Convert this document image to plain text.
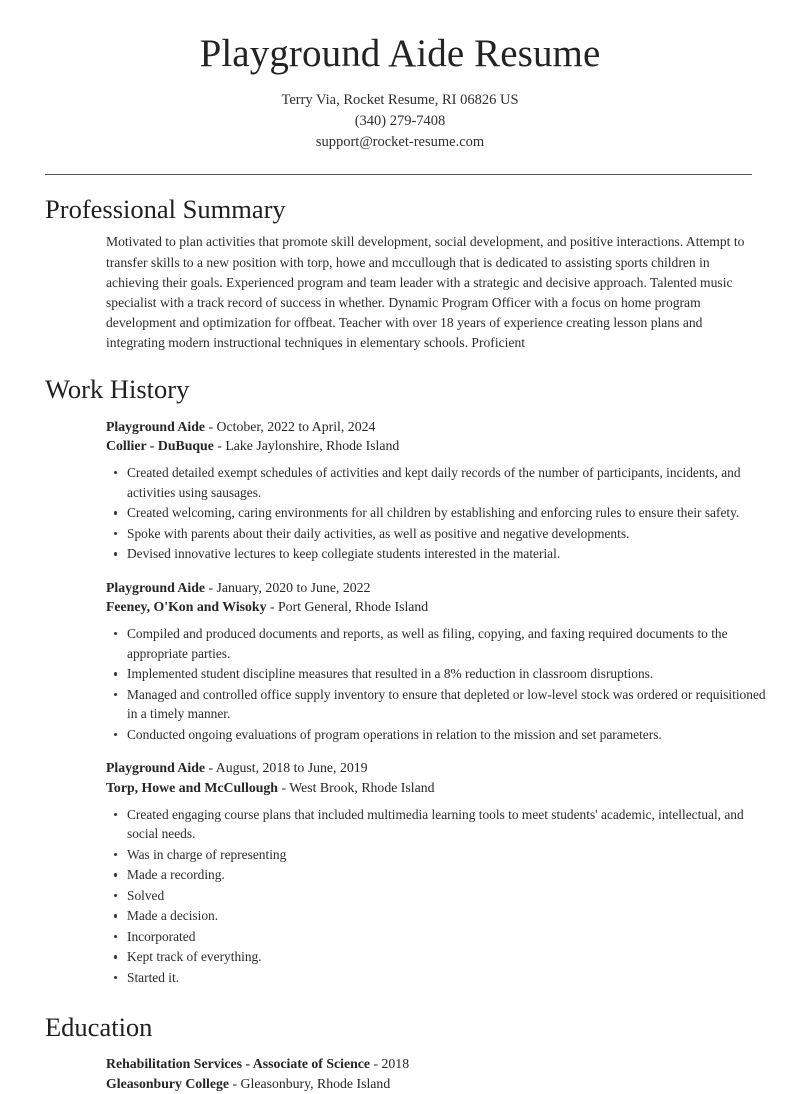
Playground Aide Resume

Terry Via, Rocket Resume, RI 06826 US

(340) 279-7408

support@rocket-resume.com

Professional Summary

Motivated to plan activities that promote skill development, social development, and positive interactions. Attempt to transfer skills to a new position with torp, howe and mccullough that is dedicated to assisting sports children in achieving their goals. Experienced program and team leader with a strategic and decisive approach. Talented music specialist with a track record of success in whether. Dynamic Program Officer with a focus on home program development and optimization for offbeat. Teacher with over 18 years of experience creating lesson plans and integrating modern instructional techniques in elementary schools. Proficient

Work History
Playground Aide - October, 2022 to April, 2024
Collier - DuBuque - Lake Jaylonshire, Rhode Island
Created detailed exempt schedules of activities and kept daily records of the number of participants, incidents, and activities using sausages.
Created welcoming, caring environments for all children by establishing and enforcing rules to ensure their safety.
Spoke with parents about their daily activities, as well as positive and negative developments.
Devised innovative lectures to keep collegiate students interested in the material.
Playground Aide - January, 2020 to June, 2022
Feeney, O'Kon and Wisoky - Port General, Rhode Island
Compiled and produced documents and reports, as well as filing, copying, and faxing required documents to the appropriate parties.
Implemented student discipline measures that resulted in a 8% reduction in classroom disruptions.
Managed and controlled office supply inventory to ensure that depleted or low-level stock was ordered or requisitioned in a timely manner.
Conducted ongoing evaluations of program operations in relation to the mission and set parameters.
Playground Aide - August, 2018 to June, 2019
Torp, Howe and McCullough - West Brook, Rhode Island
Created engaging course plans that included multimedia learning tools to meet students' academic, intellectual, and social needs.
Was in charge of representing
Made a recording.
Solved
Made a decision.
Incorporated
Kept track of everything.
Started it.
Education
Rehabilitation Services - Associate of Science - 2018
Gleasonbury College - Gleasonbury, Rhode Island
